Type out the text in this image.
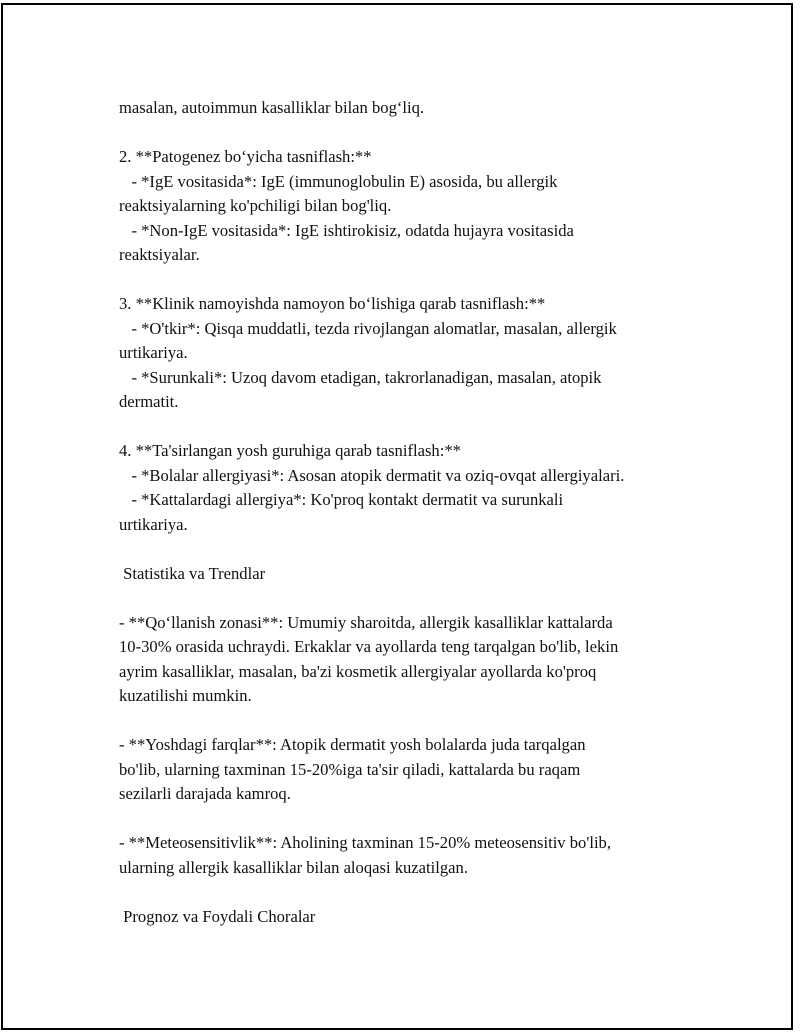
masalan, autoimmun kasalliklar bilan bog‘liq.
2. **Patogenez bo‘yicha tasniflash:**
- *IgE vositasida*: IgE (immunoglobulin E) asosida, bu allergik
reaktsiyalarning ko'pchiligi bilan bog'liq.
- *Non-IgE vositasida*: IgE ishtirokisiz, odatda hujayra vositasida
reaktsiyalar.
3. **Klinik namoyishda namoyon bo‘lishiga qarab tasniflash:**
- *O'tkir*: Qisqa muddatli, tezda rivojlangan alomatlar, masalan, allergik
urtikariya.
- *Surunkali*: Uzoq davom etadigan, takrorlanadigan, masalan, atopik
dermatit.
4. **Ta'sirlangan yosh guruhiga qarab tasniflash:**
- *Bolalar allergiyasi*: Asosan atopik dermatit va oziq-ovqat allergiyalari.
- *Kattalardagi allergiya*: Ko'proq kontakt dermatit va surunkali
urtikariya.
Statistika va Trendlar
- **Qo‘llanish zonasi**: Umumiy sharoitda, allergik kasalliklar kattalarda
10-30% orasida uchraydi. Erkaklar va ayollarda teng tarqalgan bo'lib, lekin
ayrim kasalliklar, masalan, ba'zi kosmetik allergiyalar ayollarda ko'proq
kuzatilishi mumkin.
- **Yoshdagi farqlar**: Atopik dermatit yosh bolalarda juda tarqalgan
bo'lib, ularning taxminan 15-20%iga ta'sir qiladi, kattalarda bu raqam
sezilarli darajada kamroq.
- **Meteosensitivlik**: Aholining taxminan 15-20% meteosensitiv bo'lib,
ularning allergik kasalliklar bilan aloqasi kuzatilgan.
Prognoz va Foydali Choralar
